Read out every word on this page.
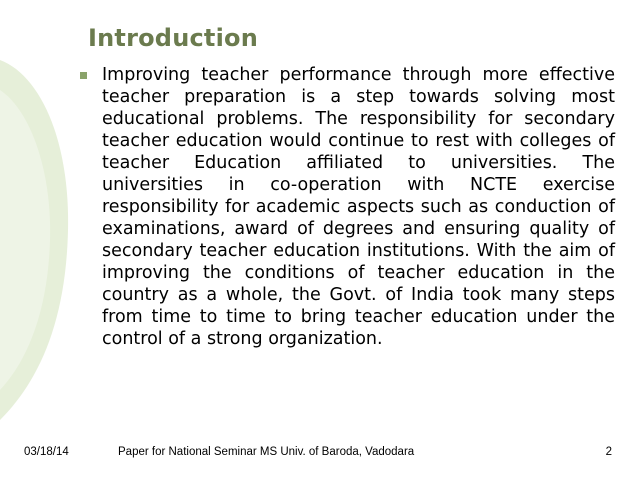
Introduction

Improving teacher performance through more effective teacher preparation is a step towards solving most educational problems. The responsibility for secondary teacher education would continue to rest with colleges of teacher Education affiliated to universities. The universities in co-operation with NCTE exercise responsibility for academic aspects such as conduction of examinations, award of degrees and ensuring quality of secondary teacher education institutions. With the aim of improving the conditions of teacher education in the country as a whole, the Govt. of India took many steps from time to time to bring teacher education under the control of a strong organization.

03/18/14	Paper for National Seminar MS Univ. of Baroda, Vadodara	2
